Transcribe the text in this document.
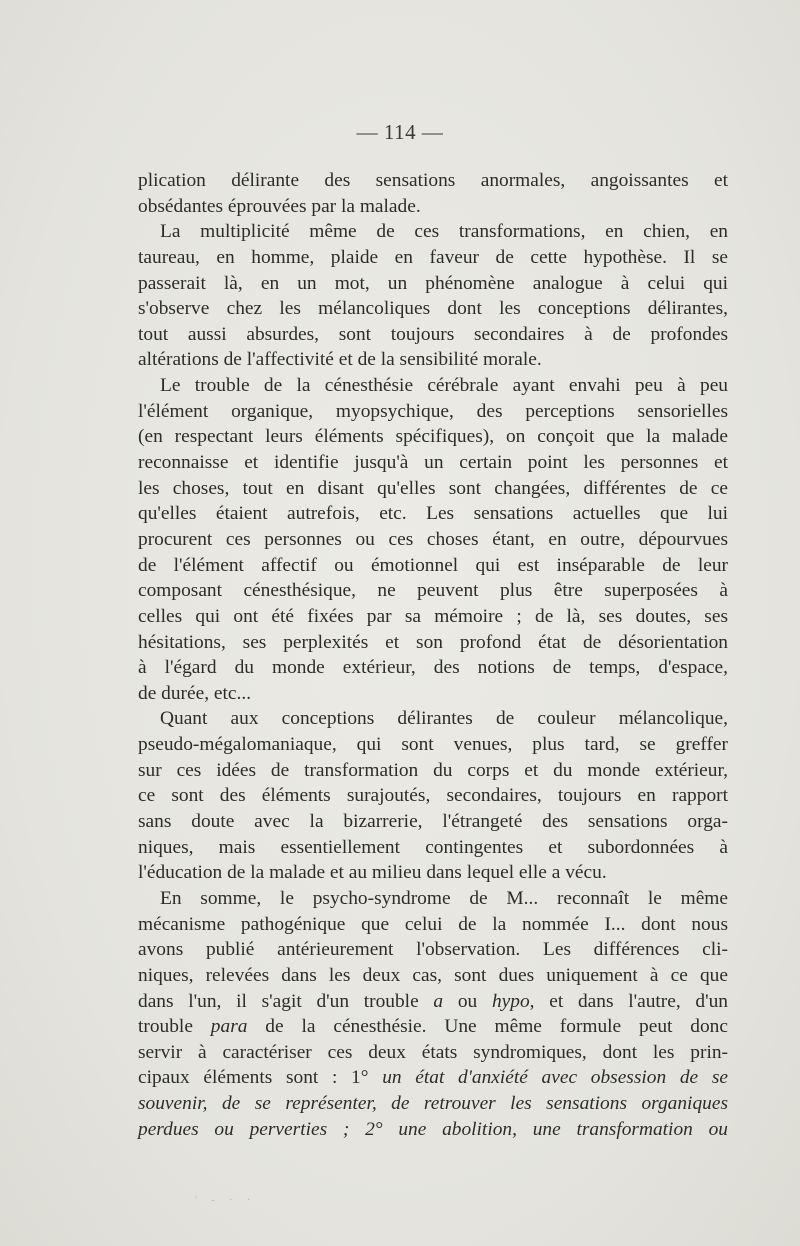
— 114 —
plication délirante des sensations anormales, angoissantes et
obsédantes éprouvées par la malade.
La multiplicité même de ces transformations, en chien, en
taureau, en homme, plaide en faveur de cette hypothèse. Il se
passerait là, en un mot, un phénomène analogue à celui qui
s'observe chez les mélancoliques dont les conceptions délirantes,
tout aussi absurdes, sont toujours secondaires à de profondes
altérations de l'affectivité et de la sensibilité morale.
Le trouble de la cénesthésie cérébrale ayant envahi peu à peu
l'élément organique, myopsychique, des perceptions sensorielles
(en respectant leurs éléments spécifiques), on conçoit que la malade
reconnaisse et identifie jusqu'à un certain point les personnes et
les choses, tout en disant qu'elles sont changées, différentes de ce
qu'elles étaient autrefois, etc. Les sensations actuelles que lui
procurent ces personnes ou ces choses étant, en outre, dépourvues
de l'élément affectif ou émotionnel qui est inséparable de leur
composant cénesthésique, ne peuvent plus être superposées à
celles qui ont été fixées par sa mémoire ; de là, ses doutes, ses
hésitations, ses perplexités et son profond état de désorientation
à l'égard du monde extérieur, des notions de temps, d'espace,
de durée, etc...
Quant aux conceptions délirantes de couleur mélancolique,
pseudo-mégalomaniaque, qui sont venues, plus tard, se greffer
sur ces idées de transformation du corps et du monde extérieur,
ce sont des éléments surajoutés, secondaires, toujours en rapport
sans doute avec la bizarrerie, l'étrangeté des sensations orga-
niques, mais essentiellement contingentes et subordonnées à
l'éducation de la malade et au milieu dans lequel elle a vécu.
En somme, le psycho-syndrome de M... reconnaît le même
mécanisme pathogénique que celui de la nommée I... dont nous
avons publié antérieurement l'observation. Les différences cli-
niques, relevées dans les deux cas, sont dues uniquement à ce que
dans l'un, il s'agit d'un trouble a ou hypo, et dans l'autre, d'un
trouble para de la cénesthésie. Une même formule peut donc
servir à caractériser ces deux états syndromiques, dont les prin-
cipaux éléments sont : 1° un état d'anxiété avec obsession de se
souvenir, de se représenter, de retrouver les sensations organiques
perdues ou perverties ; 2° une abolition, une transformation ou
' - · ·
